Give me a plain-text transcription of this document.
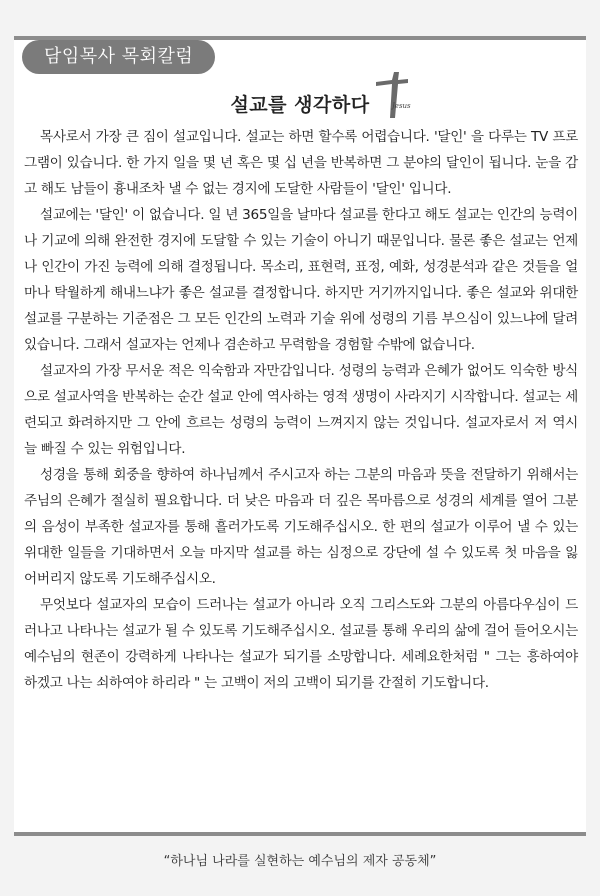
담임목사 목회칼럼
설교를 생각하다	Jesus

목사로서 가장 큰 짐이 설교입니다. 설교는 하면 할수록 어렵습니다. '달인' 을 다루는 TV 프로그램이 있습니다. 한 가지 일을 몇 년 혹은 몇 십 년을 반복하면 그 분야의 달인이 됩니다. 눈을 감고 해도 남들이 흉내조차 낼 수 없는 경지에 도달한 사람들이 '달인' 입니다.

설교에는 '달인' 이 없습니다. 일 년 365일을 날마다 설교를 한다고 해도 설교는 인간의 능력이나 기교에 의해 완전한 경지에 도달할 수 있는 기술이 아니기 때문입니다. 물론 좋은 설교는 언제나 인간이 가진 능력에 의해 결정됩니다. 목소리, 표현력, 표정, 예화, 성경분석과 같은 것들을 얼마나 탁월하게 해내느냐가 좋은 설교를 결정합니다. 하지만 거기까지입니다. 좋은 설교와 위대한 설교를 구분하는 기준점은 그 모든 인간의 노력과 기술 위에 성령의 기름 부으심이 있느냐에 달려 있습니다. 그래서 설교자는 언제나 겸손하고 무력함을 경험할 수밖에 없습니다.

설교자의 가장 무서운 적은 익숙함과 자만감입니다. 성령의 능력과 은혜가 없어도 익숙한 방식으로 설교사역을 반복하는 순간 설교 안에 역사하는 영적 생명이 사라지기 시작합니다. 설교는 세련되고 화려하지만 그 안에 흐르는 성령의 능력이 느껴지지 않는 것입니다. 설교자로서 저 역시 늘 빠질 수 있는 위험입니다.

성경을 통해 회중을 향하여 하나님께서 주시고자 하는 그분의 마음과 뜻을 전달하기 위해서는 주님의 은혜가 절실히 필요합니다. 더 낮은 마음과 더 깊은 목마름으로 성경의 세계를 열어 그분의 음성이 부족한 설교자를 통해 흘러가도록 기도해주십시오. 한 편의 설교가 이루어 낼 수 있는 위대한 일들을 기대하면서 오늘 마지막 설교를 하는 심정으로 강단에 설 수 있도록 첫 마음을 잃어버리지 않도록 기도해주십시오.

무엇보다 설교자의 모습이 드러나는 설교가 아니라 오직 그리스도와 그분의 아름다우심이 드러나고 나타나는 설교가 될 수 있도록 기도해주십시오. 설교를 통해 우리의 삶에 걸어 들어오시는 예수님의 현존이 강력하게 나타나는 설교가 되기를 소망합니다. 세례요한처럼 " 그는 흥하여야 하겠고 나는 쇠하여야 하리라 " 는 고백이 저의 고백이 되기를 간절히 기도합니다.

“하나님 나라를 실현하는 예수님의 제자 공동체”
